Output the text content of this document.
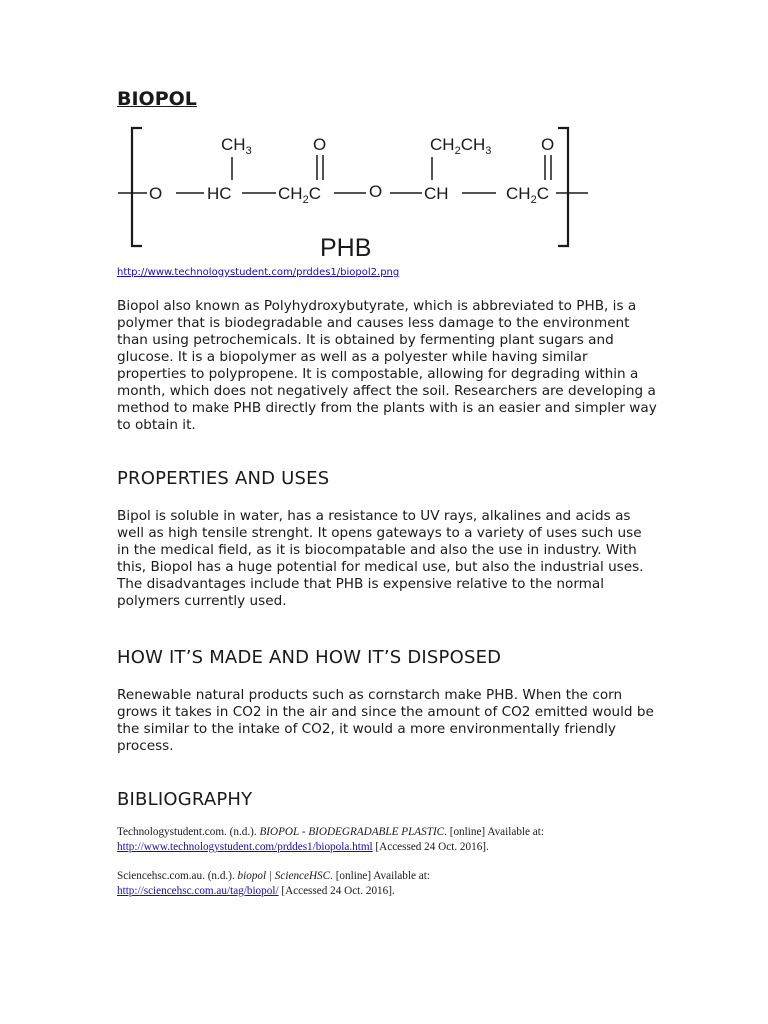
BIOPOL
$CH_3$	O	$CH_2CH_3$	O
O	HC	$CH_2C$	O CH	$CH_2C$
PHB
http://www.technologystudent.com/prddes1/biopol2.png

Biopol also known as Polyhydroxybutyrate, which is abbreviated to PHB, is a polymer that is biodegradable and causes less damage to the environment than using petrochemicals. It is obtained by fermenting plant sugars and glucose. It is a biopolymer as well as a polyester while having similar properties to polypropene. It is compostable, allowing for degrading within a month, which does not negatively affect the soil. Researchers are developing a method to make PHB directly from the plants with is an easier and simpler way to obtain it.

PROPERTIES AND USES

Bipol is soluble in water, has a resistance to UV rays, alkalines and acids as well as high tensile strenght. It opens gateways to a variety of uses such use in the medical field, as it is biocompatable and also the use in industry. With this, Biopol has a huge potential for medical use, but also the industrial uses. The disadvantages include that PHB is expensive relative to the normal polymers currently used.

HOW IT’S MADE AND HOW IT’S DISPOSED

Renewable natural products such as cornstarch make PHB. When the corn grows it takes in CO2 in the air and since the amount of CO2 emitted would be the similar to the intake of CO2, it would a more environmentally friendly process.

BIBLIOGRAPHY

Technologystudent.com. (n.d.). BIOPOL - BIODEGRADABLE PLASTIC. [online] Available at:
http://www.technologystudent.com/prddes1/biopola.html [Accessed 24 Oct. 2016].

Sciencehsc.com.au. (n.d.). biopol | ScienceHSC. [online] Available at:
http://sciencehsc.com.au/tag/biopol/ [Accessed 24 Oct. 2016].
